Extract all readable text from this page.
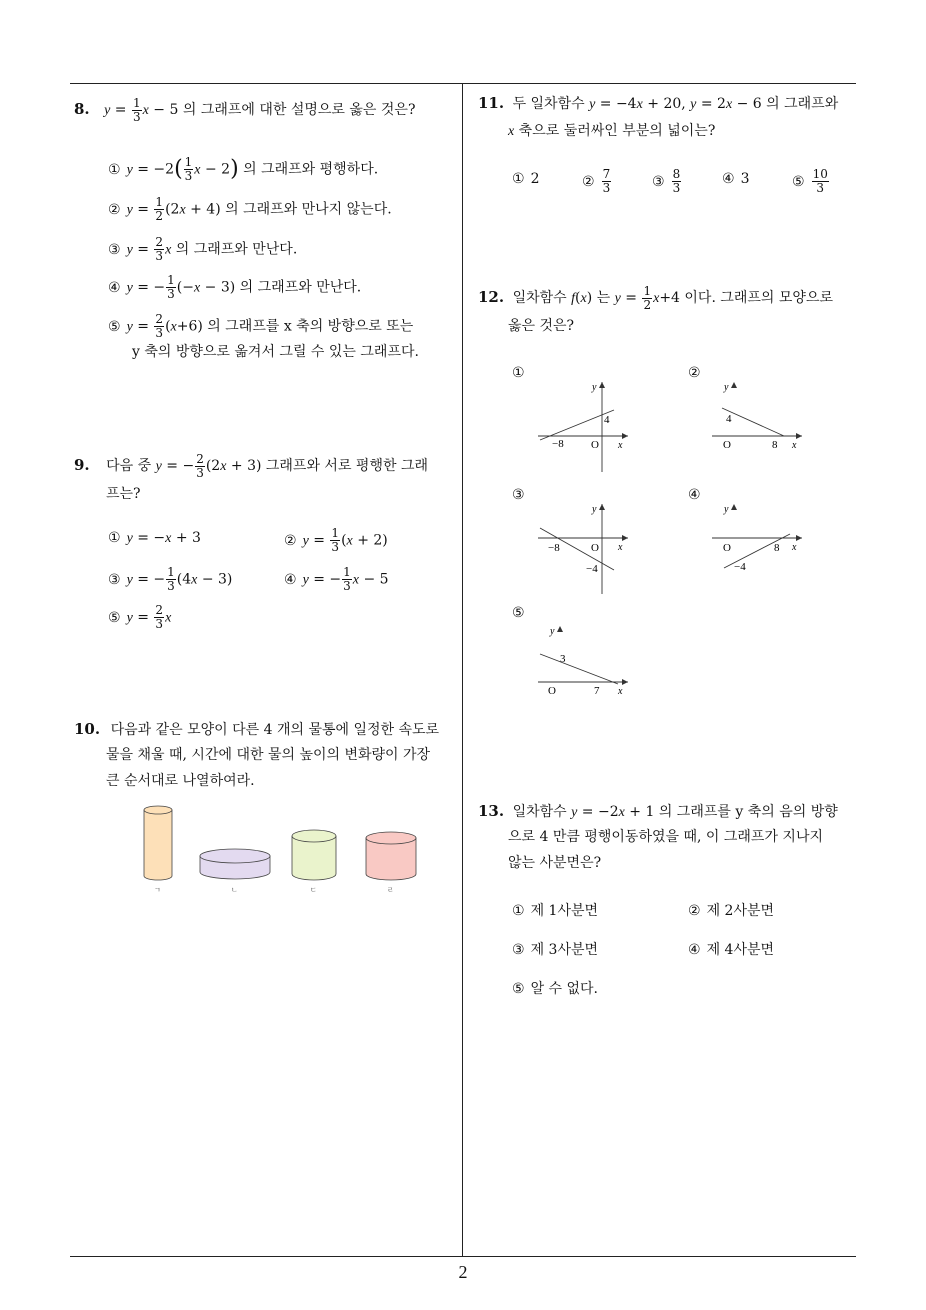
8. $y = \frac{1}{3}$ x − 5 의 그래프에 대한 설명으로 옳은 것은?
① $y = -2( \frac{1}{3}$ x − 2) 의 그래프와 평행하다.
② $y = \frac{1}{2} (2x + 4)$ 의 그래프와 만나지 않는다.
③ $y = \frac{2}{3}$ x 의 그래프와 만난다.
④ y = − $\frac{1}{3} (-x - 3)$ 의 그래프와 만난다.
⑤ $y = \frac{2}{3} (x+6)$ 의 그래프를 x 축의 방향으로 또는
y 축의 방향으로 옮겨서 그릴 수 있는 그래프다.
9. 다음 중 y = − $\frac{2}{3} (2x + 3)$ 그래프와 서로 평행한 그래
프는?
① y = −x + 3	② $y = \frac{1}{3} (x + 2)$
③ y = − $\frac{1}{3} (4x - 3)$	④ y = − $\frac{1}{3}$ x − 5
⑤ $y = \frac{2}{3}$ x
10. 다음과 같은 모양이 다른 4 개의 물통에 일정한 속도로
물을 채울 때, 시간에 대한 물의 높이의 변화량이 가장
큰 순서대로 나열하여라.
ㄱ	ㄴ	ㄷ	ㄹ
11. 두 일차함수 y = −4x + 20, y = 2x − 6 의 그래프와
x 축으로 둘러싸인 부분의 넓이는?
① 2	② $\frac{7}{3}$	③ $\frac{8}{3}$	④ 3	⑤ $\frac{10}{3}$
12. 일차함수 f(x) 는 $y = \frac{1}{2} x+4$ 이다. 그래프의 모양으로
옳은 것은?
①
y
x
O
−8
4
②
y
x
O	8
4
③
y
x
O
−8
−4
④
y
x
O	8
−4
⑤
y
x
O	7
3
13. 일차함수 y = −2x + 1 의 그래프를 y 축의 음의 방향
으로 4 만큼 평행이동하였을 때, 이 그래프가 지나지
않는 사분면은?
① 제 1사분면	② 제 2사분면
③ 제 3사분면	④ 제 4사분면
⑤ 알 수 없다.
2
